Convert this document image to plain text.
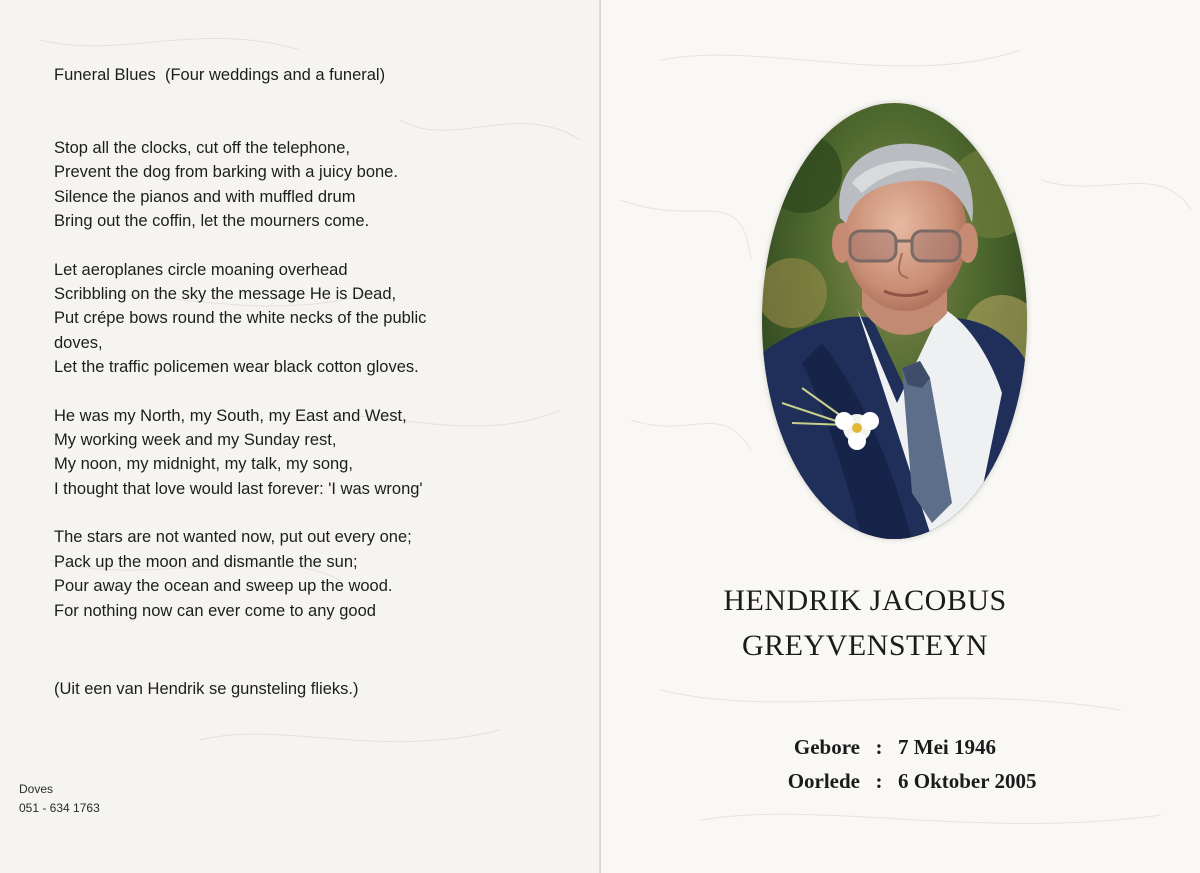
Funeral Blues  (Four weddings and a funeral)
Stop all the clocks, cut off the telephone,
Prevent the dog from barking with a juicy bone.
Silence the pianos and with muffled drum
Bring out the coffin, let the mourners come.
Let aeroplanes circle moaning overhead
Scribbling on the sky the message He is Dead,
Put crépe bows round the white necks of the public
doves,
Let the traffic policemen wear black cotton gloves.
He was my North, my South, my East and West,
My working week and my Sunday rest,
My noon, my midnight, my talk, my song,
I thought that love would last forever: 'I was wrong'
The stars are not wanted now, put out every one;
Pack up the moon and dismantle the sun;
Pour away the ocean and sweep up the wood.
For nothing now can ever come to any good
(Uit een van Hendrik se gunsteling flieks.)
Doves
051 - 634 1763
HENDRIK JACOBUS
GREYVENSTEYN
Gebore : 7 Mei 1946
Oorlede : 6 Oktober 2005
